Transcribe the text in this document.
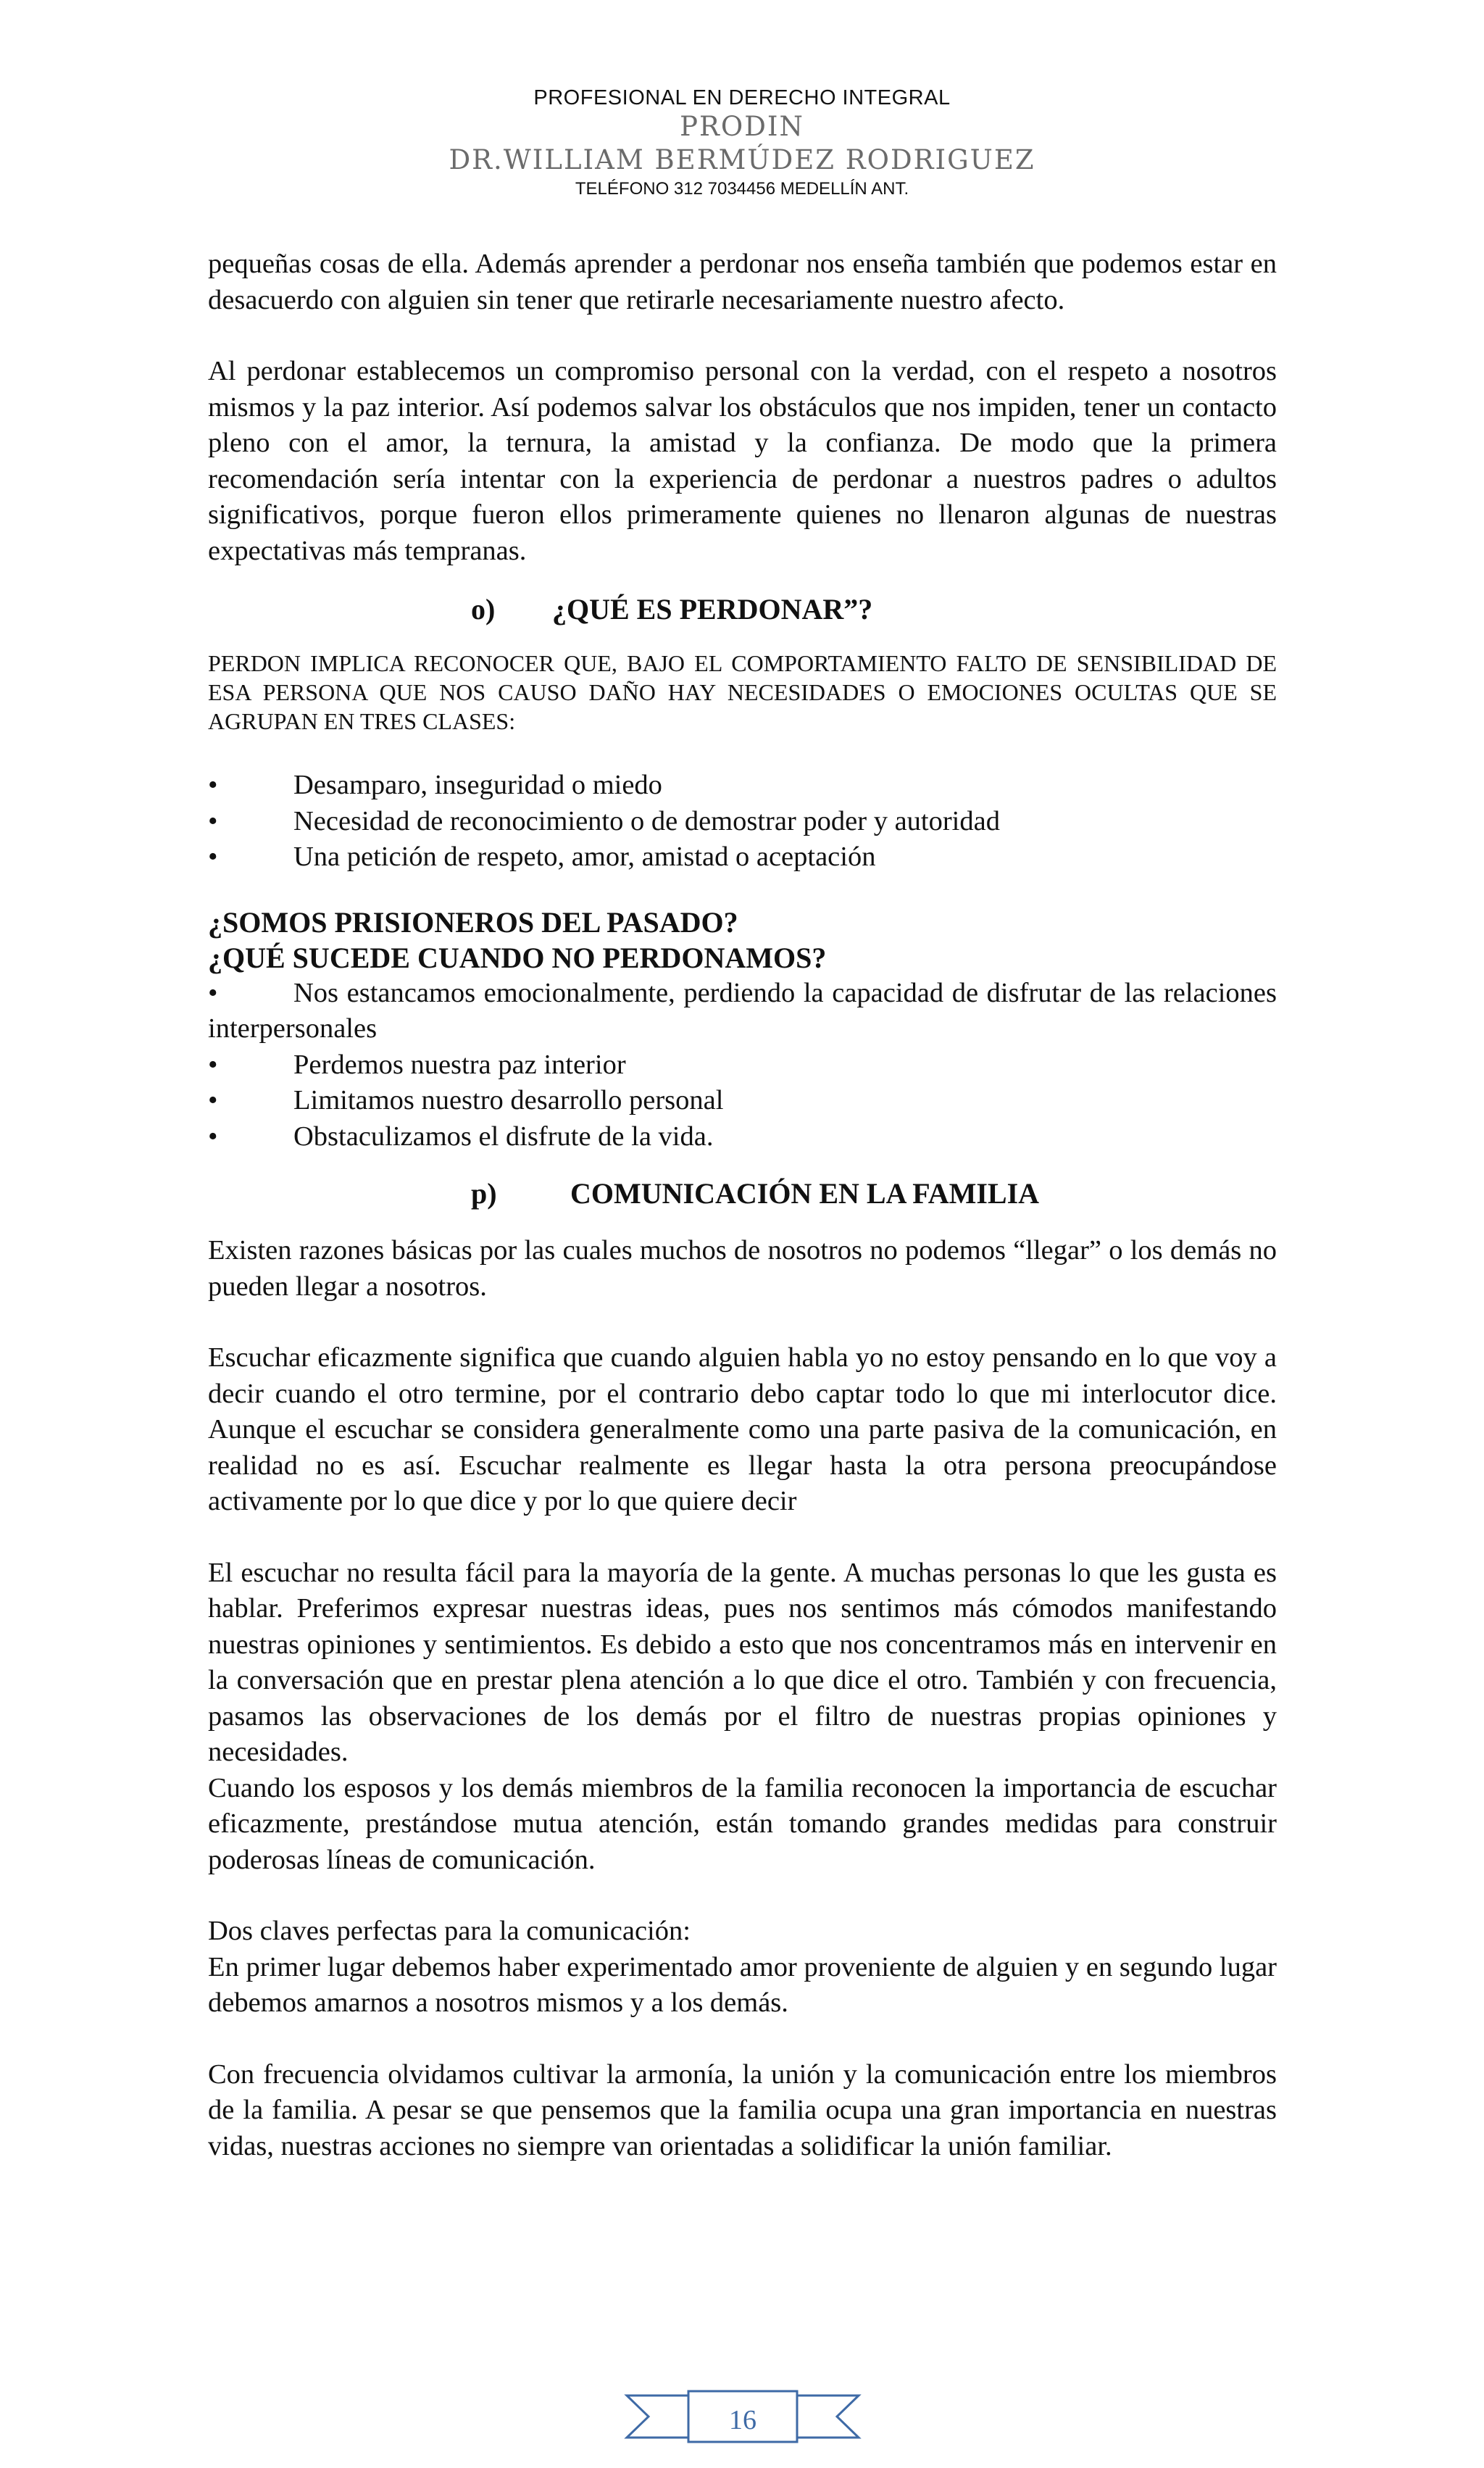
PROFESIONAL EN DERECHO INTEGRAL
PRODIN
DR.WILLIAM BERMÚDEZ RODRIGUEZ
TELÉFONO 312 7034456 MEDELLÍN ANT.

pequeñas cosas de ella. Además aprender a perdonar nos enseña también que podemos estar en desacuerdo con alguien sin tener que retirarle necesariamente nuestro afecto.

Al perdonar establecemos un compromiso personal con la verdad, con el respeto a nosotros mismos y la paz interior. Así podemos salvar los obstáculos que nos impiden, tener un contacto pleno con el amor, la ternura, la amistad y la confianza. De modo que la primera recomendación sería intentar con la experiencia de perdonar a nuestros padres o adultos significativos, porque fueron ellos primeramente quienes no llenaron algunas de nuestras expectativas más tempranas.

o) ¿QUÉ ES PERDONAR”?

PERDON IMPLICA RECONOCER QUE, BAJO EL COMPORTAMIENTO FALTO DE SENSIBILIDAD DE ESA PERSONA QUE NOS CAUSO DAÑO HAY NECESIDADES O EMOCIONES OCULTAS QUE SE AGRUPAN EN TRES CLASES:

•	Desamparo, inseguridad o miedo
•	Necesidad de reconocimiento o de demostrar poder y autoridad
•	Una petición de respeto, amor, amistad o aceptación

¿SOMOS PRISIONEROS DEL PASADO?

¿QUÉ SUCEDE CUANDO NO PERDONAMOS?

•	Nos estancamos emocionalmente, perdiendo la capacidad de disfrutar de las relaciones interpersonales

•	Perdemos nuestra paz interior
•	Limitamos nuestro desarrollo personal
•	Obstaculizamos el disfrute de la vida.
p)	COMUNICACIÓN EN LA FAMILIA

Existen razones básicas por las cuales muchos de nosotros no podemos “llegar” o los demás no pueden llegar a nosotros.

Escuchar eficazmente significa que cuando alguien habla yo no estoy pensando en lo que voy a decir cuando el otro termine, por el contrario debo captar todo lo que mi interlocutor dice. Aunque el escuchar se considera generalmente como una parte pasiva de la comunicación, en realidad no es así. Escuchar realmente es llegar hasta la otra persona preocupándose activamente por lo que dice y por lo que quiere decir

El escuchar no resulta fácil para la mayoría de la gente. A muchas personas lo que les gusta es hablar. Preferimos expresar nuestras ideas, pues nos sentimos más cómodos manifestando nuestras opiniones y sentimientos. Es debido a esto que nos concentramos más en intervenir en la conversación que en prestar plena atención a lo que dice el otro. También y con frecuencia, pasamos las observaciones de los demás por el filtro de nuestras propias opiniones y necesidades.

Cuando los esposos y los demás miembros de la familia reconocen la importancia de escuchar eficazmente, prestándose mutua atención, están tomando grandes medidas para construir poderosas líneas de comunicación.

Dos claves perfectas para la comunicación:

En primer lugar debemos haber experimentado amor proveniente de alguien y en segundo lugar debemos amarnos a nosotros mismos y a los demás.

Con frecuencia olvidamos cultivar la armonía, la unión y la comunicación entre los miembros de la familia. A pesar se que pensemos que la familia ocupa una gran importancia en nuestras vidas, nuestras acciones no siempre van orientadas a solidificar la unión familiar.

16
